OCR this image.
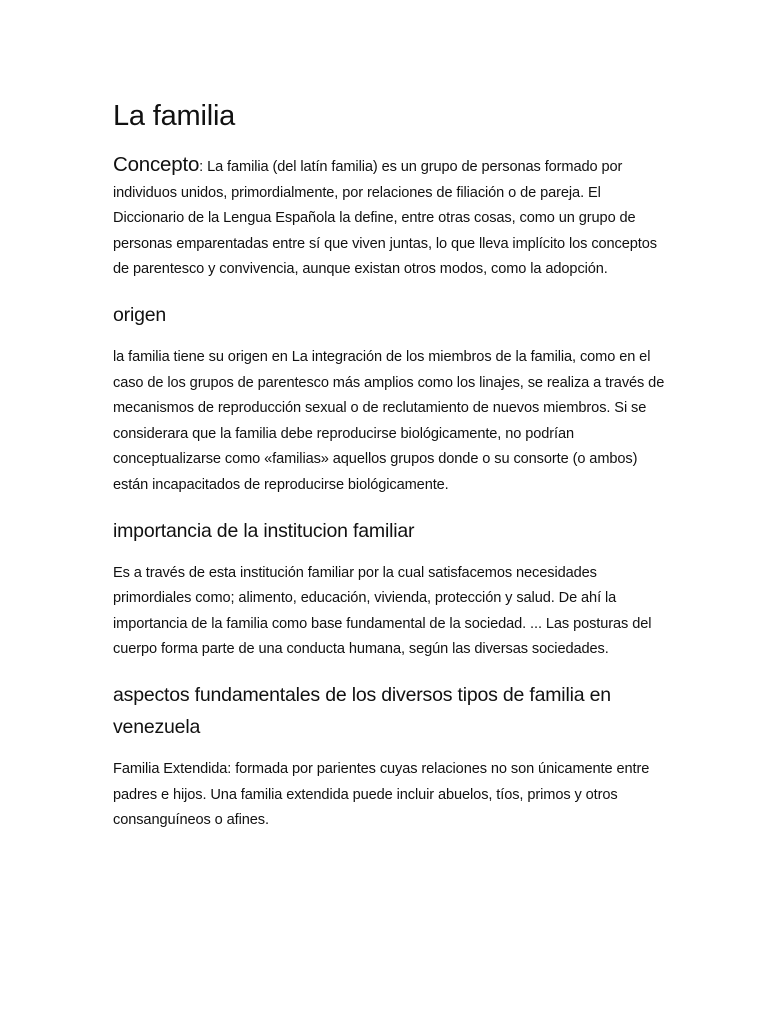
La familia

Concepto: La familia (del latín familia) es un grupo de personas formado por individuos unidos, primordialmente, por relaciones de filiación o de pareja. El Diccionario de la Lengua Española la define, entre otras cosas, como un grupo de personas emparentadas entre sí que viven juntas, lo que lleva implícito los conceptos de parentesco y convivencia, aunque existan otros modos, como la adopción.

origen

la familia tiene su origen en La integración de los miembros de la familia, como en el caso de los grupos de parentesco más amplios como los linajes, se realiza a través de mecanismos de reproducción sexual o de reclutamiento de nuevos miembros. Si se considerara que la familia debe reproducirse biológicamente, no podrían conceptualizarse como «familias» aquellos grupos donde o su consorte (o ambos) están incapacitados de reproducirse biológicamente.

importancia de la institucion familiar

Es a través de esta institución familiar por la cual satisfacemos necesidades primordiales como; alimento, educación, vivienda, protección y salud. De ahí la importancia de la familia como base fundamental de la sociedad. ... Las posturas del cuerpo forma parte de una conducta humana, según las diversas sociedades.

aspectos fundamentales de los diversos tipos de familia en venezuela

Familia Extendida: formada por parientes cuyas relaciones no son únicamente entre padres e hijos. Una familia extendida puede incluir abuelos, tíos, primos y otros consanguíneos o afines.
